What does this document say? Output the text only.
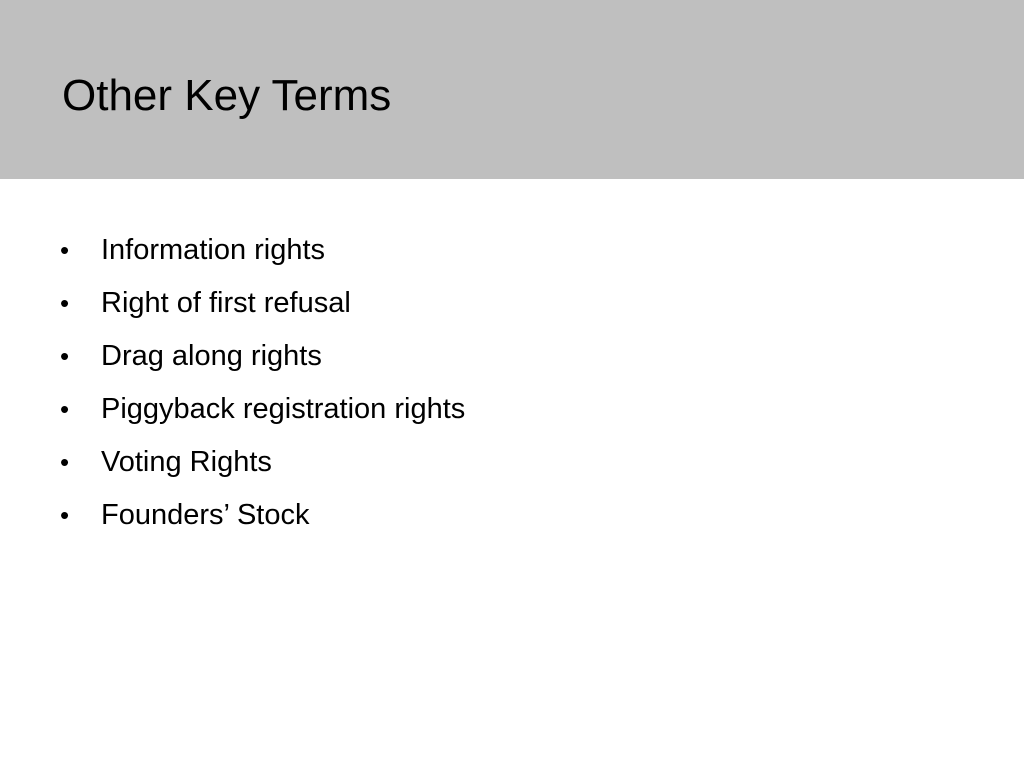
Other Key Terms
•	Information rights
•	Right of first refusal
•	Drag along rights
•	Piggyback registration rights
•	Voting Rights
•	Founders’ Stock
